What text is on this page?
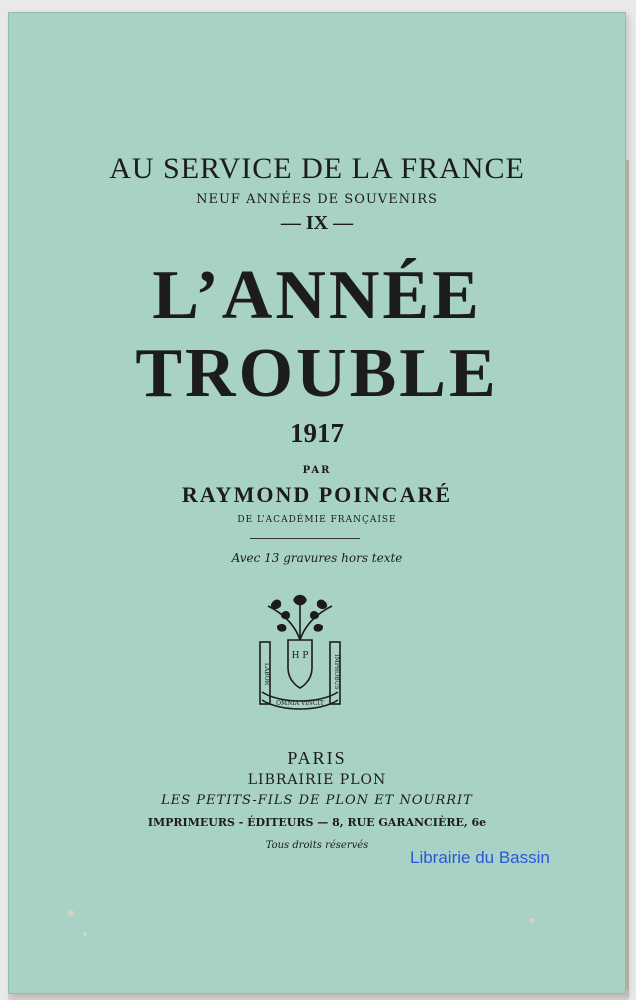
AU SERVICE DE LA FRANCE

NEUF ANNÉES DE SOUVENIRS

— IX —

L’ANNÉE

TROUBLE

1917

PAR

RAYMOND POINCARÉ

DE L’ACADÉMIE FRANÇAISE

Avec 13 gravures hors texte

H P
LABOR	IMPROBUS
OMNIA VINCIT

PARIS

LIBRAIRIE PLON

LES PETITS-FILS DE PLON ET NOURRIT

IMPRIMEURS - ÉDITEURS — 8, RUE GARANCIÈRE, 6e

Tous droits réservés

Librairie du Bassin
